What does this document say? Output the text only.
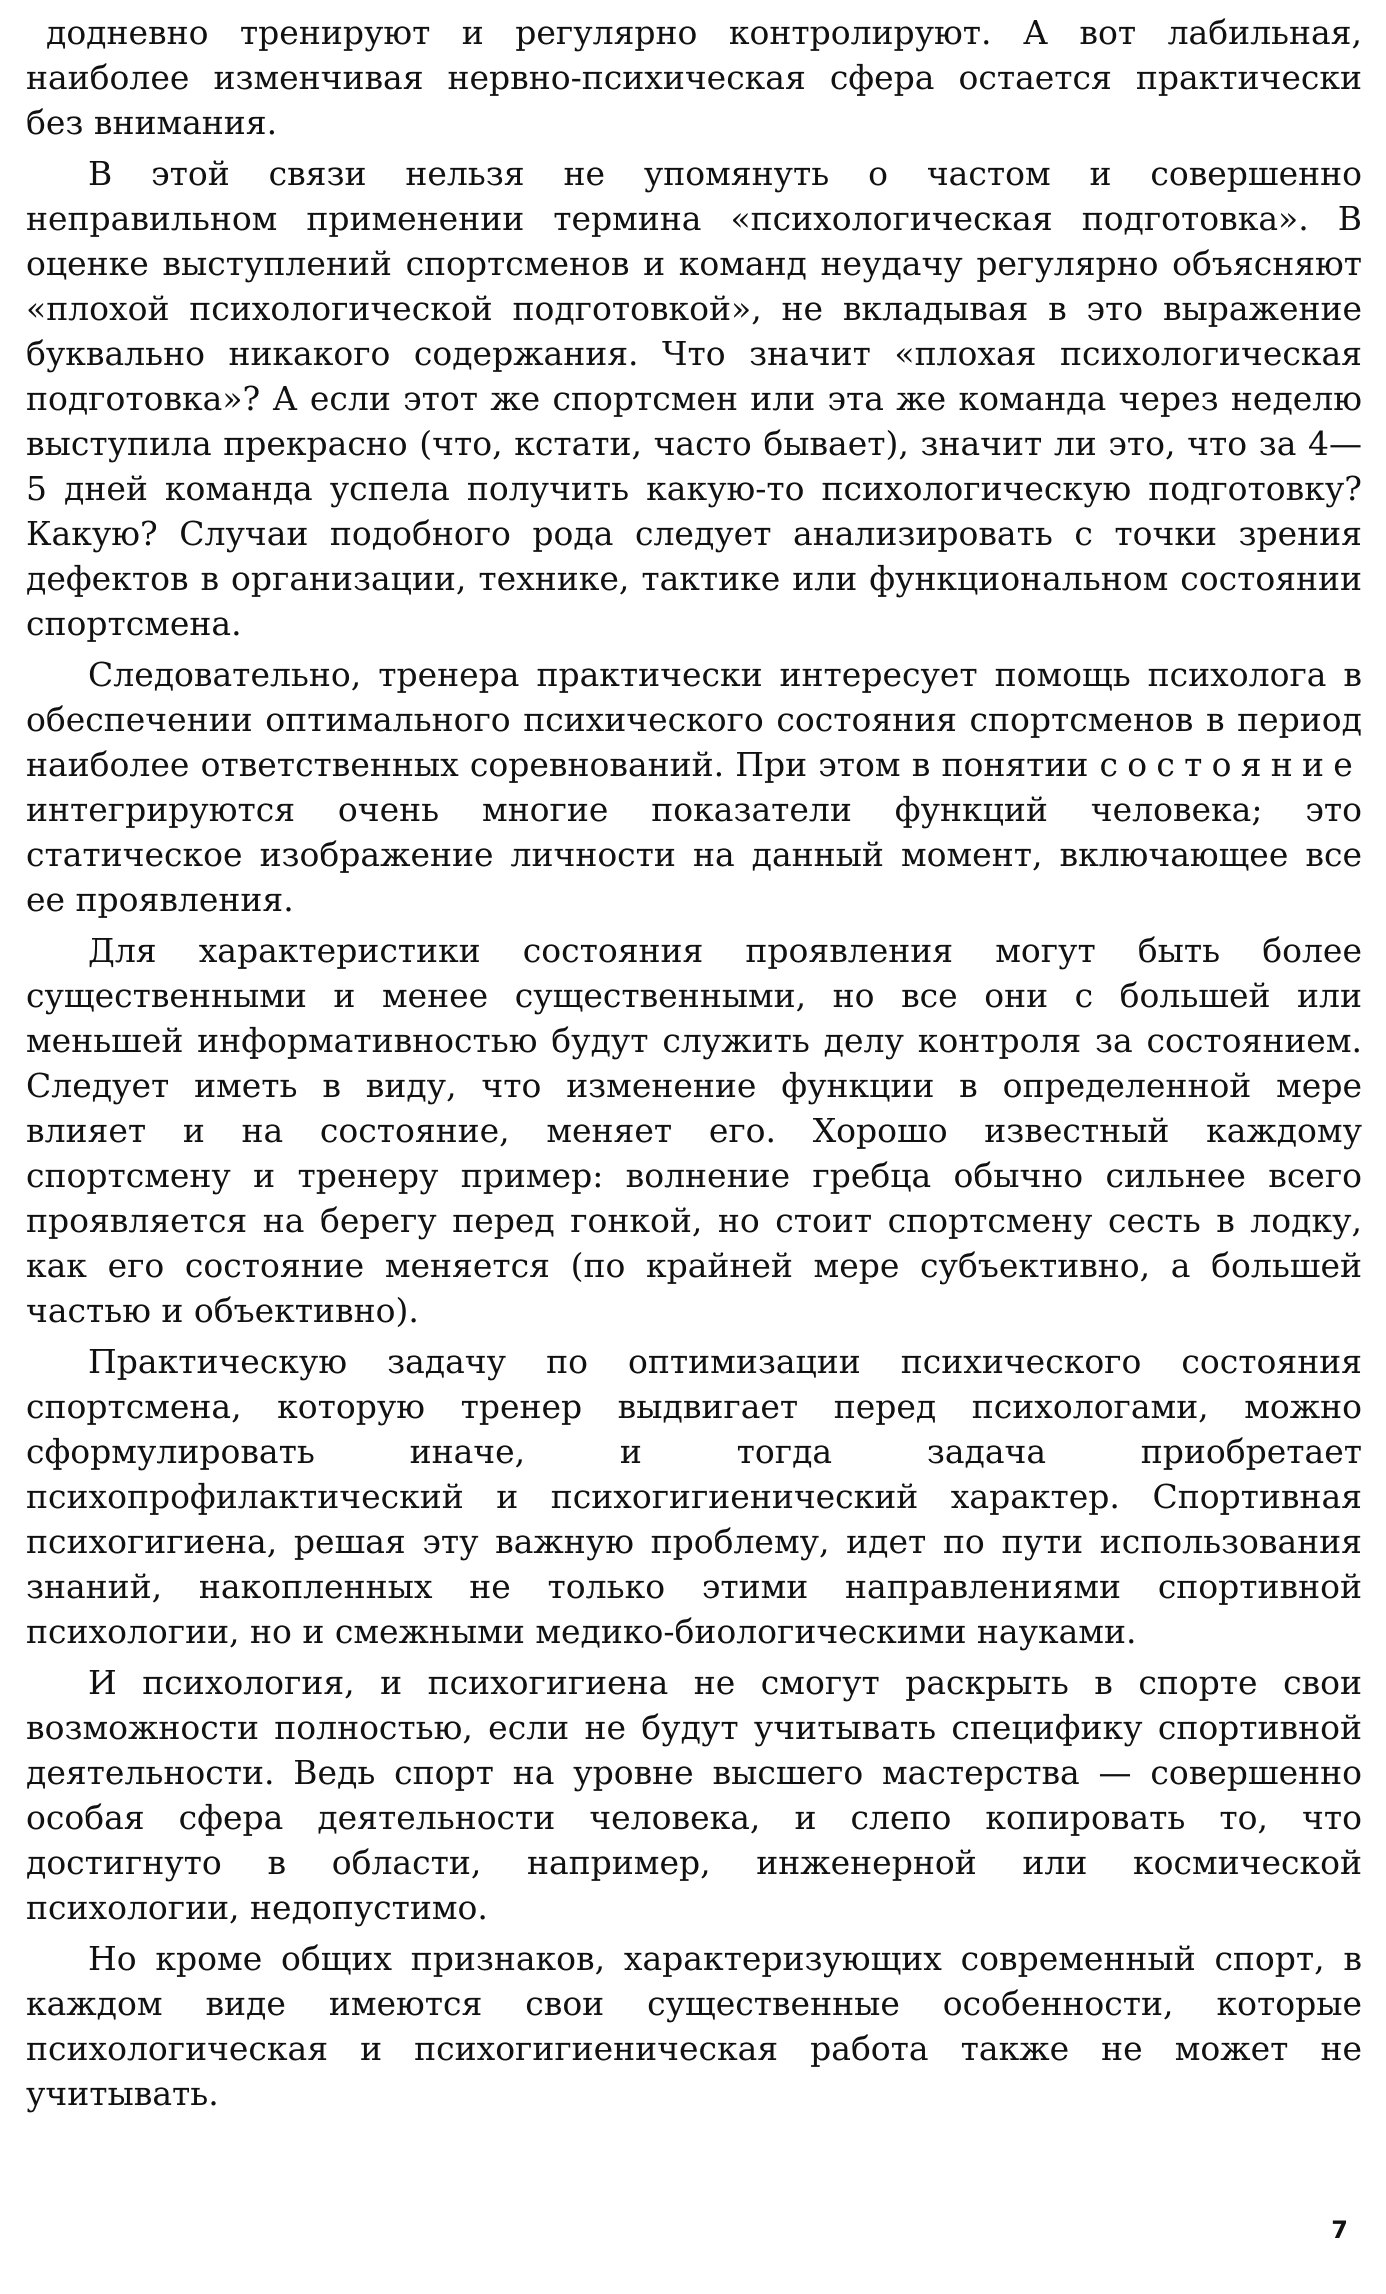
додневно тренируют и регулярно контролируют. А вот лабильная, наиболее изменчивая нервно-психическая сфера остается практически без внимания.

В этой связи нельзя не упомянуть о частом и совершенно неправильном применении термина «психологическая подготовка». В оценке выступлений спортсменов и команд неудачу регулярно объясняют «плохой психологической подготовкой», не вкладывая в это выражение буквально никакого содержания. Что значит «плохая психологическая подготовка»? А если этот же спортсмен или эта же команда через неделю выступила прекрасно (что, кстати, часто бывает), значит ли это, что за 4—5 дней команда успела получить какую-то психологическую подготовку? Какую? Случаи подобного рода следует анализировать с точки зрения дефектов в организации, технике, тактике или функциональном состоянии спортсмена.

Следовательно, тренера практически интересует помощь психолога в обеспечении оптимального психического состояния спортсменов в период наиболее ответственных соревнований. При этом в понятии состояние интегрируются очень многие показатели функций человека; это статическое изображение личности на данный момент, включающее все ее проявления.

Для характеристики состояния проявления могут быть более существенными и менее существенными, но все они с большей или меньшей информативностью будут служить делу контроля за состоянием. Следует иметь в виду, что изменение функции в определенной мере влияет и на состояние, меняет его. Хорошо известный каждому спортсмену и тренеру пример: волнение гребца обычно сильнее всего проявляется на берегу перед гонкой, но стоит спортсмену сесть в лодку, как его состояние меняется (по крайней мере субъективно, а большей частью и объективно).

Практическую задачу по оптимизации психического состояния спортсмена, которую тренер выдвигает перед психологами, можно сформулировать иначе, и тогда задача приобретает психопрофилактический и психогигиенический характер. Спортивная психогигиена, решая эту важную проблему, идет по пути использования знаний, накопленных не только этими направлениями спортивной психологии, но и смежными медико-биологическими науками.

И психология, и психогигиена не смогут раскрыть в спорте свои возможности полностью, если не будут учитывать специфику спортивной деятельности. Ведь спорт на уровне высшего мастерства — совершенно особая сфера деятельности человека, и слепо копировать то, что достигнуто в области, например, инженерной или космической психологии, недопустимо.

Но кроме общих признаков, характеризующих современный спорт, в каждом виде имеются свои существенные особенности, которые психологическая и психогигиеническая работа также не может не учитывать.

7
